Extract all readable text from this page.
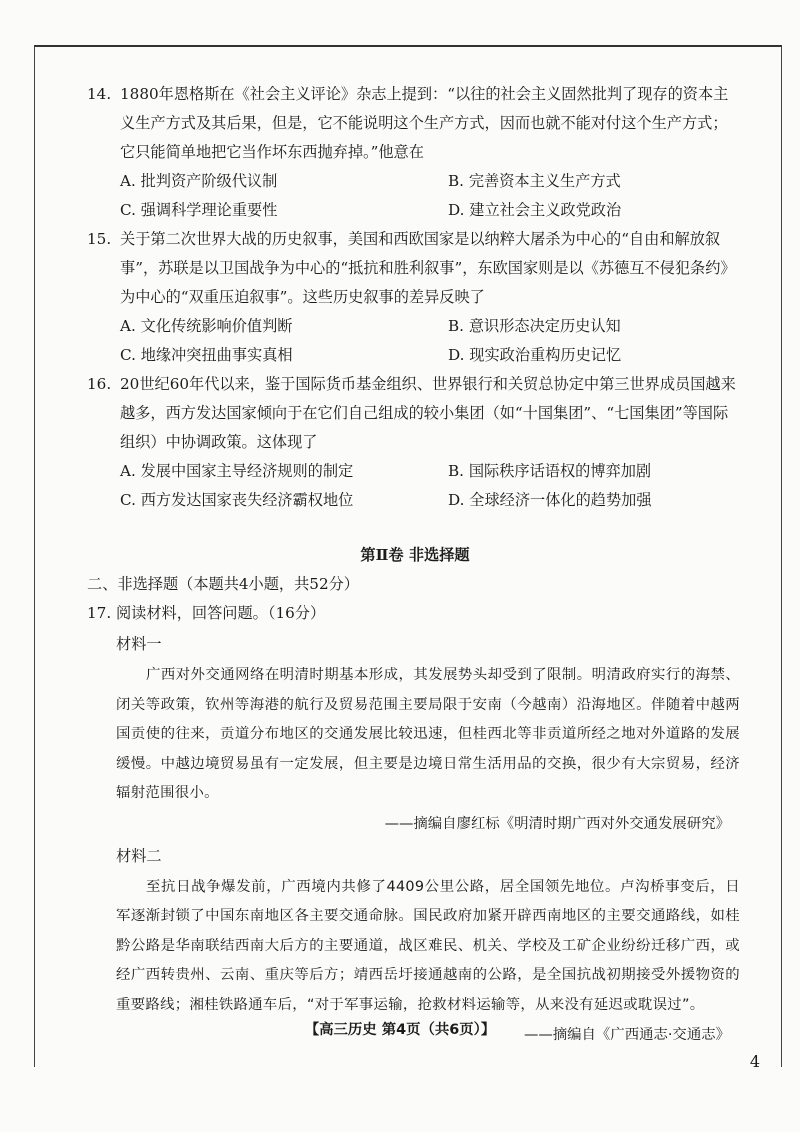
14. 1880年恩格斯在《社会主义评论》杂志上提到：“以往的社会主义固然批判了现存的资本主义生产方式及其后果，但是，它不能说明这个生产方式，因而也就不能对付这个生产方式；它只能简单地把它当作坏东西抛弃掉。”他意在

A. 批判资产阶级代议制	B. 完善资本主义生产方式
C. 强调科学理论重要性	D. 建立社会主义政党政治

15. 关于第二次世界大战的历史叙事，美国和西欧国家是以纳粹大屠杀为中心的“自由和解放叙事”，苏联是以卫国战争为中心的“抵抗和胜利叙事”，东欧国家则是以《苏德互不侵犯条约》为中心的“双重压迫叙事”。这些历史叙事的差异反映了

A. 文化传统影响价值判断	B. 意识形态决定历史认知
C. 地缘冲突扭曲事实真相	D. 现实政治重构历史记忆

16. 20世纪60年代以来，鉴于国际货币基金组织、世界银行和关贸总协定中第三世界成员国越来越多，西方发达国家倾向于在它们自己组成的较小集团（如“十国集团”、“七国集团”等国际组织）中协调政策。这体现了

A. 发展中国家主导经济规则的制定	B. 国际秩序话语权的博弈加剧
C. 西方发达国家丧失经济霸权地位	D. 全球经济一体化的趋势加强
第Ⅱ卷 非选择题
二、非选择题（本题共4小题，共52分）
17. 阅读材料，回答问题。（16分）
材料一
广西对外交通网络在明清时期基本形成，其发展势头却受到了限制。明清政府实行的海禁、闭关等政策，钦州等海港的航行及贸易范围主要局限于安南（今越南）沿海地区。伴随着中越两国贡使的往来，贡道分布地区的交通发展比较迅速，但桂西北等非贡道所经之地对外道路的发展缓慢。中越边境贸易虽有一定发展，但主要是边境日常生活用品的交换，很少有大宗贸易，经济辐射范围很小。
——摘编自廖红标《明清时期广西对外交通发展研究》
材料二
至抗日战争爆发前，广西境内共修了4409公里公路，居全国领先地位。卢沟桥事变后，日军逐渐封锁了中国东南地区各主要交通命脉。国民政府加紧开辟西南地区的主要交通路线，如桂黔公路是华南联结西南大后方的主要通道，战区难民、机关、学校及工矿企业纷纷迁移广西，或经广西转贵州、云南、重庆等后方；靖西岳圩接通越南的公路，是全国抗战初期接受外援物资的重要路线；湘桂铁路通车后，“对于军事运输，抢救材料运输等，从来没有延迟或耽误过”。
——摘编自《广西通志·交通志》
【高三历史 第4页（共6页）】
4
